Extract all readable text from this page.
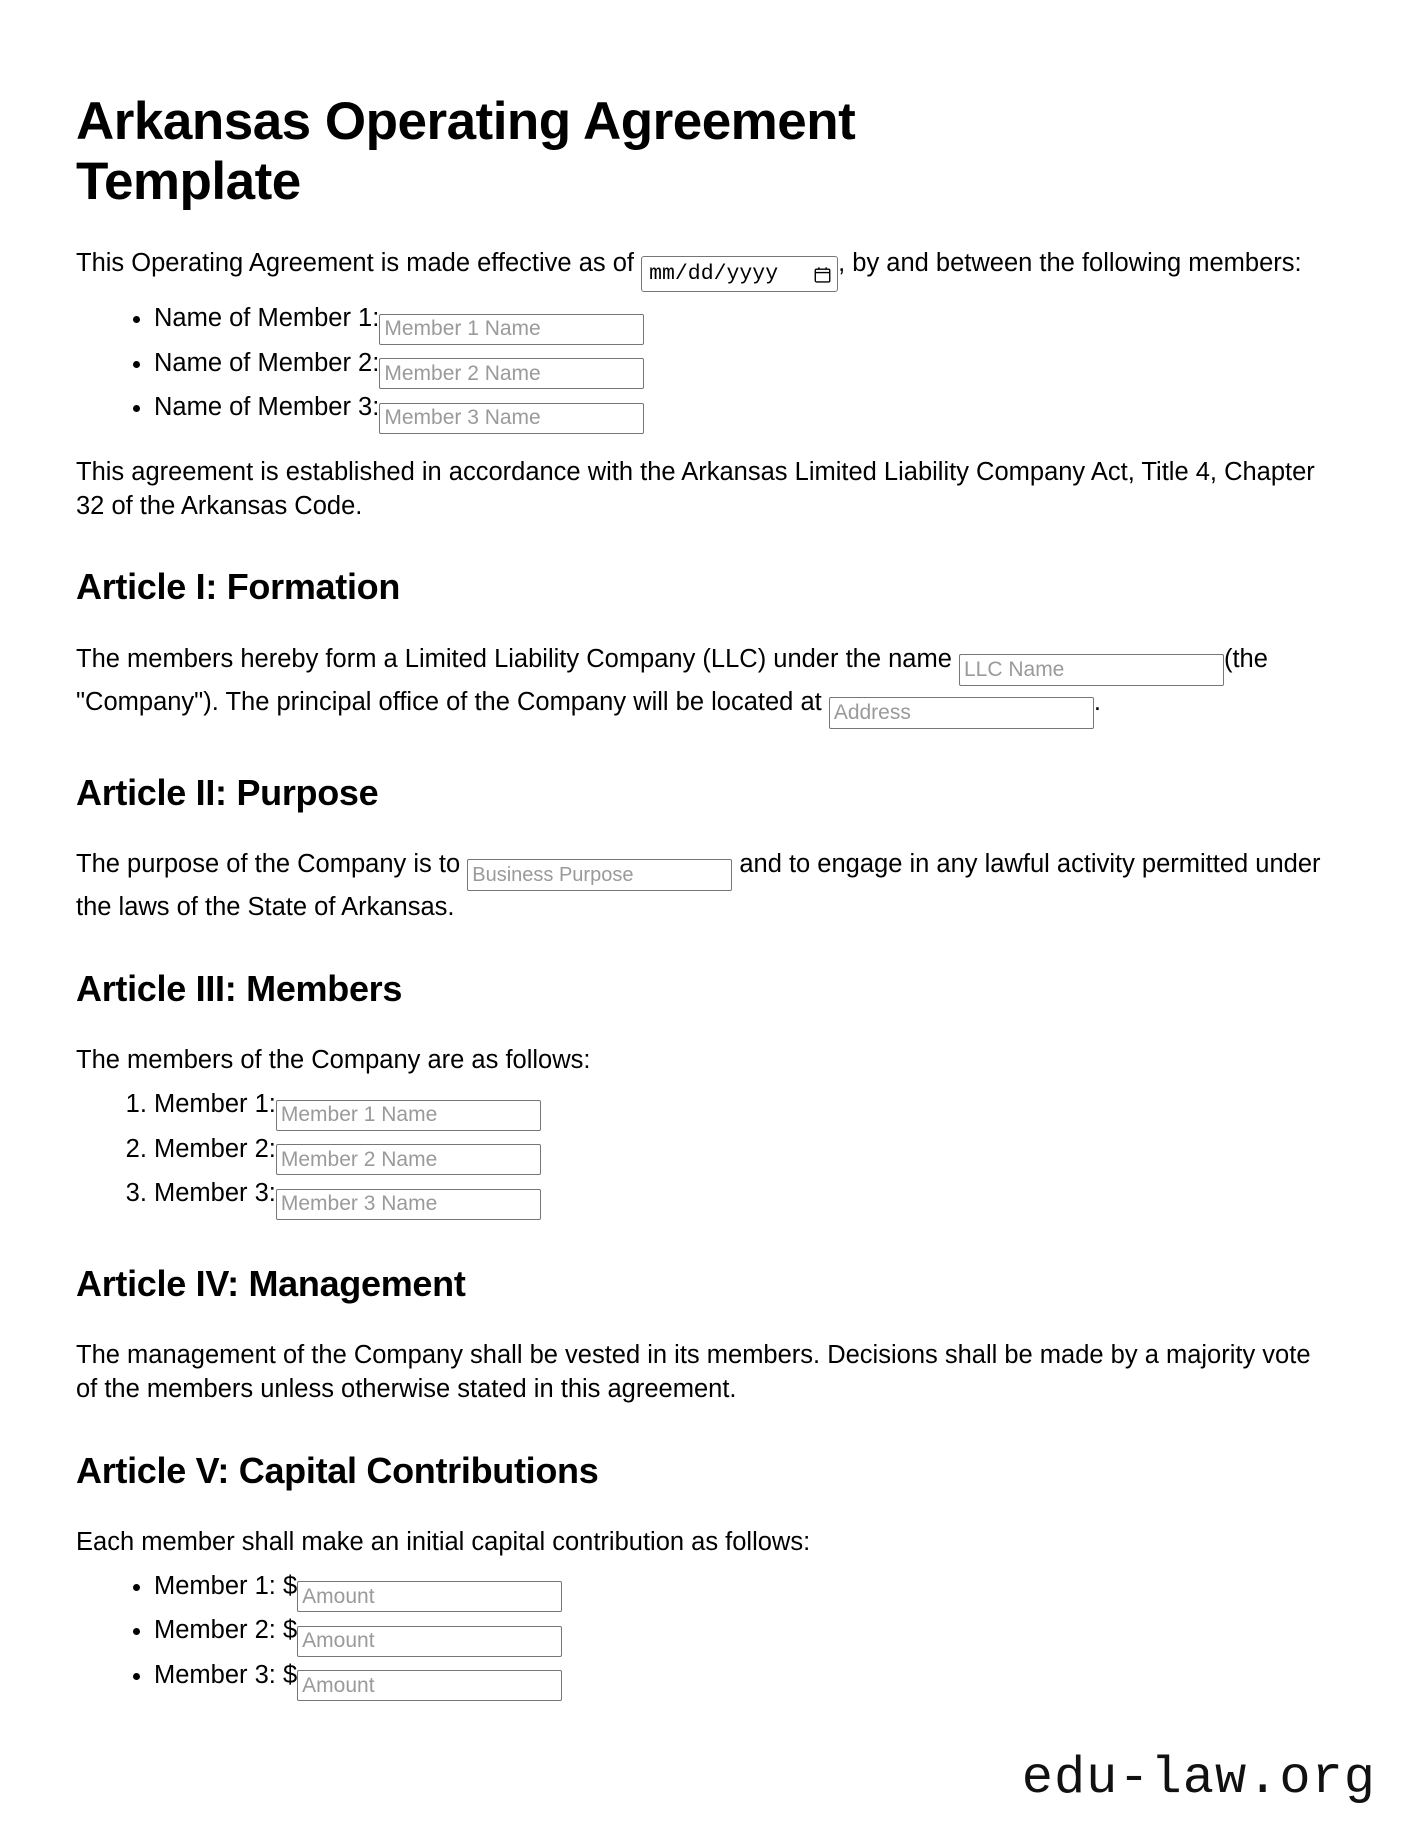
Arkansas Operating Agreement Template

This Operating Agreement is made effective as of mm/dd/yyyy , by and between the following members:

• Name of Member 1:Member 1 Name
• Name of Member 2:Member 2 Name
• Name of Member 3:Member 3 Name

This agreement is established in accordance with the Arkansas Limited Liability Company Act, Title 4, Chapter 32 of the Arkansas Code.

Article I: Formation

The members hereby form a Limited Liability Company (LLC) under the name LLC Name	(the "Company"). The principal office of the Company will be located at Address	.

Article II: Purpose

The purpose of the Company is to Business Purpose	and to engage in any lawful activity permitted under the laws of the State of Arkansas.

Article III: Members

The members of the Company are as follows:

1. Member 1:Member 1 Name
2. Member 2:Member 2 Name
3. Member 3:Member 3 Name
Article IV: Management

The management of the Company shall be vested in its members. Decisions shall be made by a majority vote of the members unless otherwise stated in this agreement.

Article V: Capital Contributions

Each member shall make an initial capital contribution as follows:

• Member 1: $Amount
• Member 2: $Amount
• Member 3: $Amount
edu-law.org
